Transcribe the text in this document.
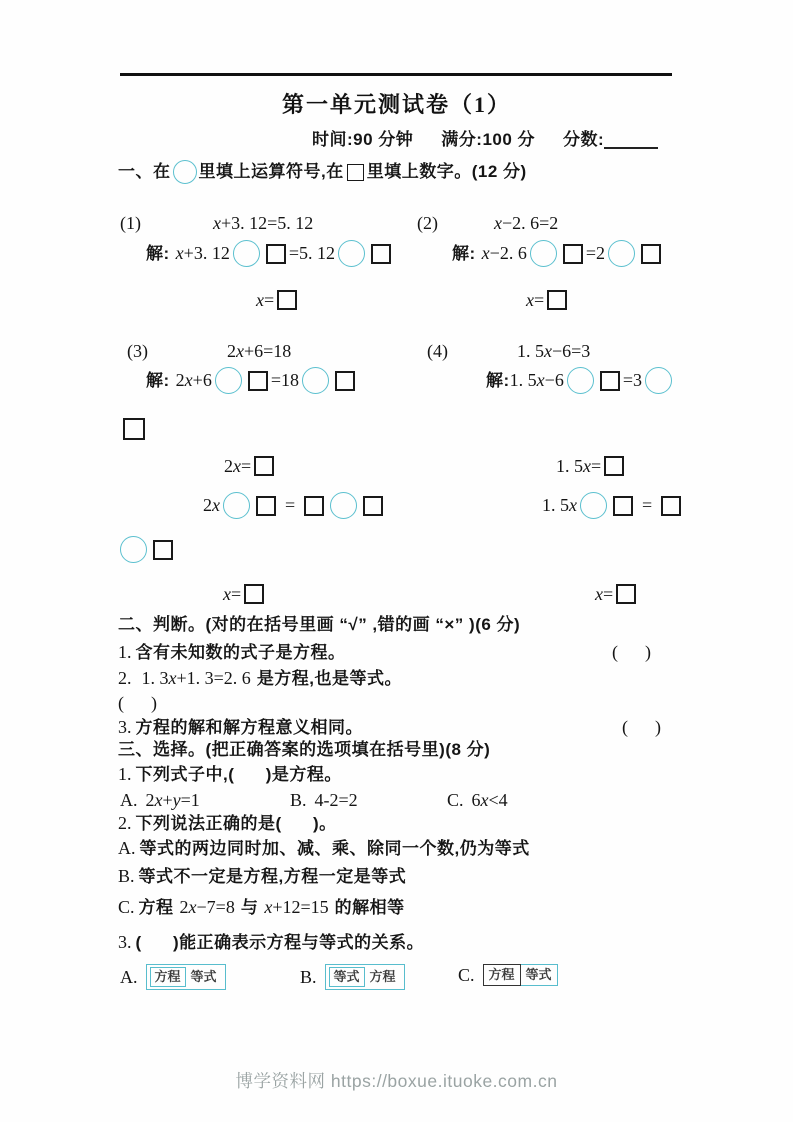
第一单元测试卷（1）
时间:90 分钟 满分:100 分 分数:
一、在 里填上运算符号,在 里填上数字。(12 分)
(1)	x +3. 12=5. 12	(2)	x −2. 6=2
解: x+3. 12	=5. 12	解: x−2. 6	=2
x=	x=
(3)	2 x +6=18	(4)	1. 5 x −6=3
解: 2x+6	=18	解: 1. 5x−6	=3
2x=	1. 5x=
2x	=	1. 5x	=
x=	x=
二、判断。(对的在括号里画 “√” ,错的画 “×” )(6 分)
1. 含有未知数的式子是方程。	(      )
2. 1. 3x+1. 3=2. 6 是方程,也是等式。
(      )
3. 方程的解和解方程意义相同。	(      )
三、选择。(把正确答案的选项填在括号里)(8 分)
1. 下列式子中,(      )是方程。
A. 2x+y=1	B. 4-2=2	C. 6x<4
2. 下列说法正确的是(      )。
A. 等式的两边同时加、减、乘、除同一个数,仍为等式
B. 等式不一定是方程,方程一定是等式
C. 方程 2x−7=8 与 x+12=15 的解相等
3. (      )能正确表示方程与等式的关系。
A.	方程 等式	B.	等式 方程	C.	方程 等式
博学资料网 https://boxue.ituoke.com.cn
